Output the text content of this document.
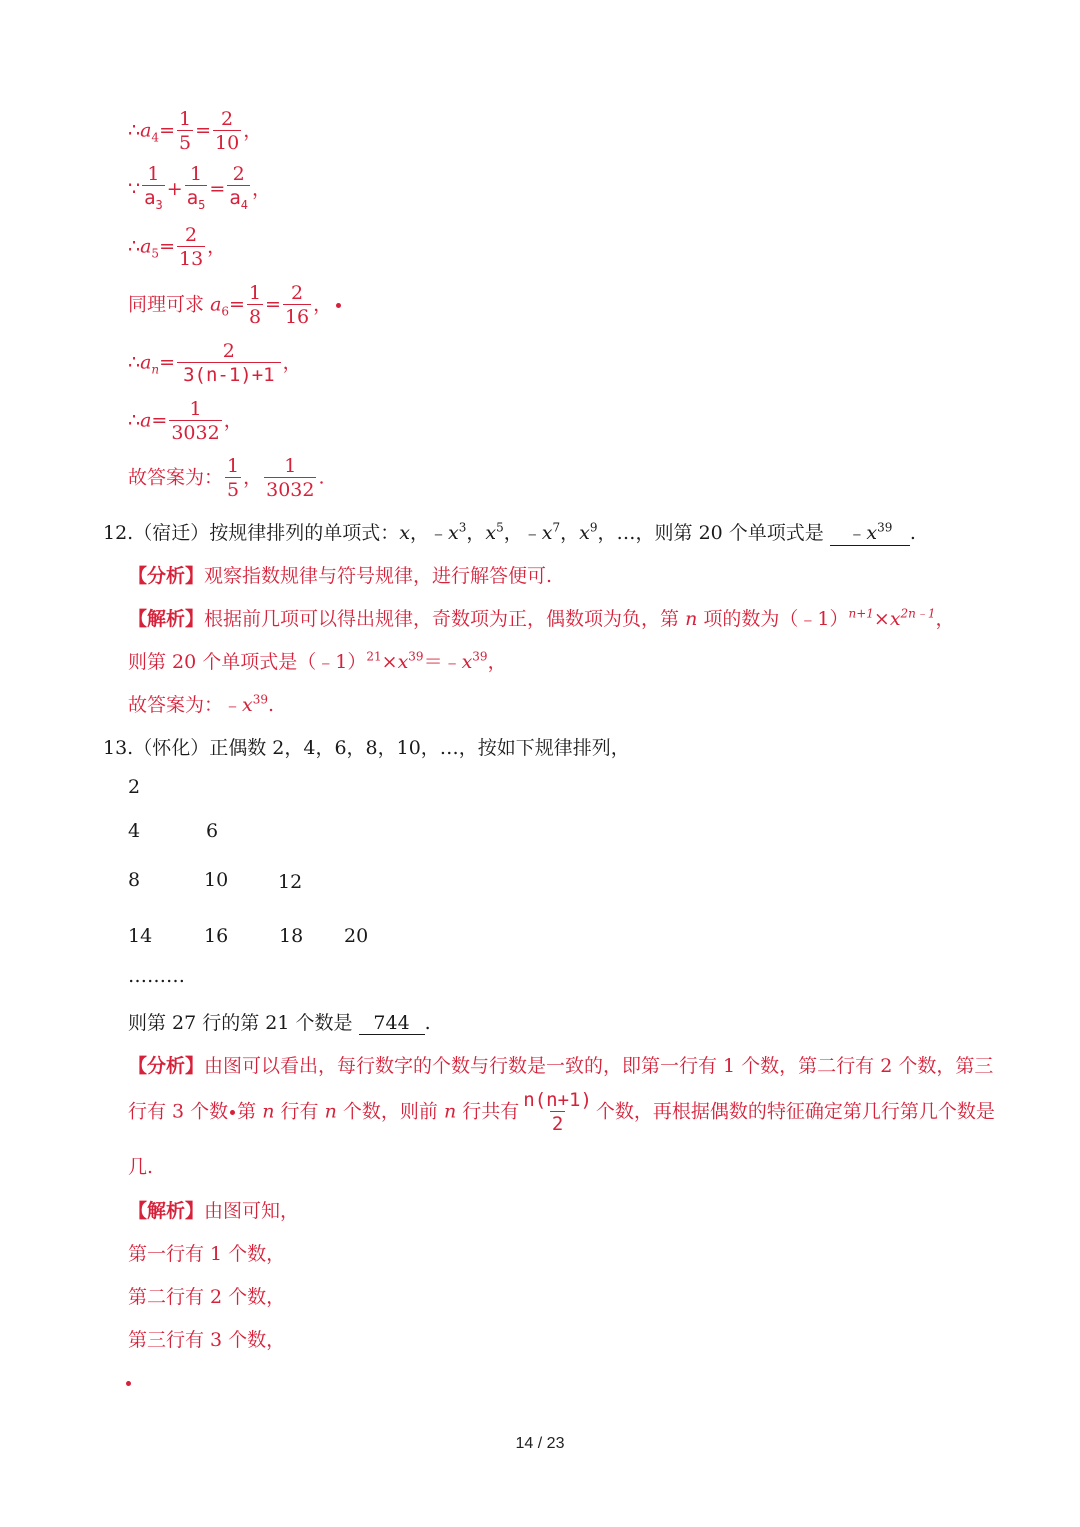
$\therefore a_4= \frac{1}{5} = \frac{2}{10}$ ，
∵ $\frac{1}{a_3} + \frac{1}{a_5} = \frac{2}{a_4}$ ，
$\therefore a_5= \frac{2}{13}$ ，
同理可求 $a_6= \frac{1}{8} = \frac{2}{16}$ ，
$\therefore a_n= \frac{2}{3(n-1)+1}$ ，
∴a= $\frac{1}{3032}$ ，
故答案为： $\frac{1}{5}$ ， $\frac{1}{3032}$ .
12.（宿迁）按规律排列的单项式：x，$﹣x^3$，$x^5$，$﹣x^7$，$x^9$，…，则第 20 个单项式是 $﹣x^{39}$ .
【分析】观察指数规律与符号规律，进行解答便可.
【解析】根据前几项可以得出规律，奇数项为正，偶数项为负，第 n 项的数为$(﹣1)^{n+1}\times x^{2n﹣1}$，
则第 20 个单项式是$(﹣1)^{21}\times x^{39}=﹣x^{39}$，
故答案为：$﹣x^{39}$.
13.（怀化）正偶数 2，4，6，8，10，…，按如下规律排列，
2
4	6
8	10	12
14	16	18 20
………
则第 27 行的第 21 个数是 744 .
【分析】由图可以看出，每行数字的个数与行数是一致的，即第一行有 1 个数，第二行有 2 个数，第三
行有 3 个数 第 n 行有 n 个数，则前 n 行共有 $\frac{n(n+1)}{2}$ 个数，再根据偶数的特征确定第几行第几个数是
几.
【解析】由图可知，
第一行有 1 个数，
第二行有 2 个数，
第三行有 3 个数，
14 / 23
